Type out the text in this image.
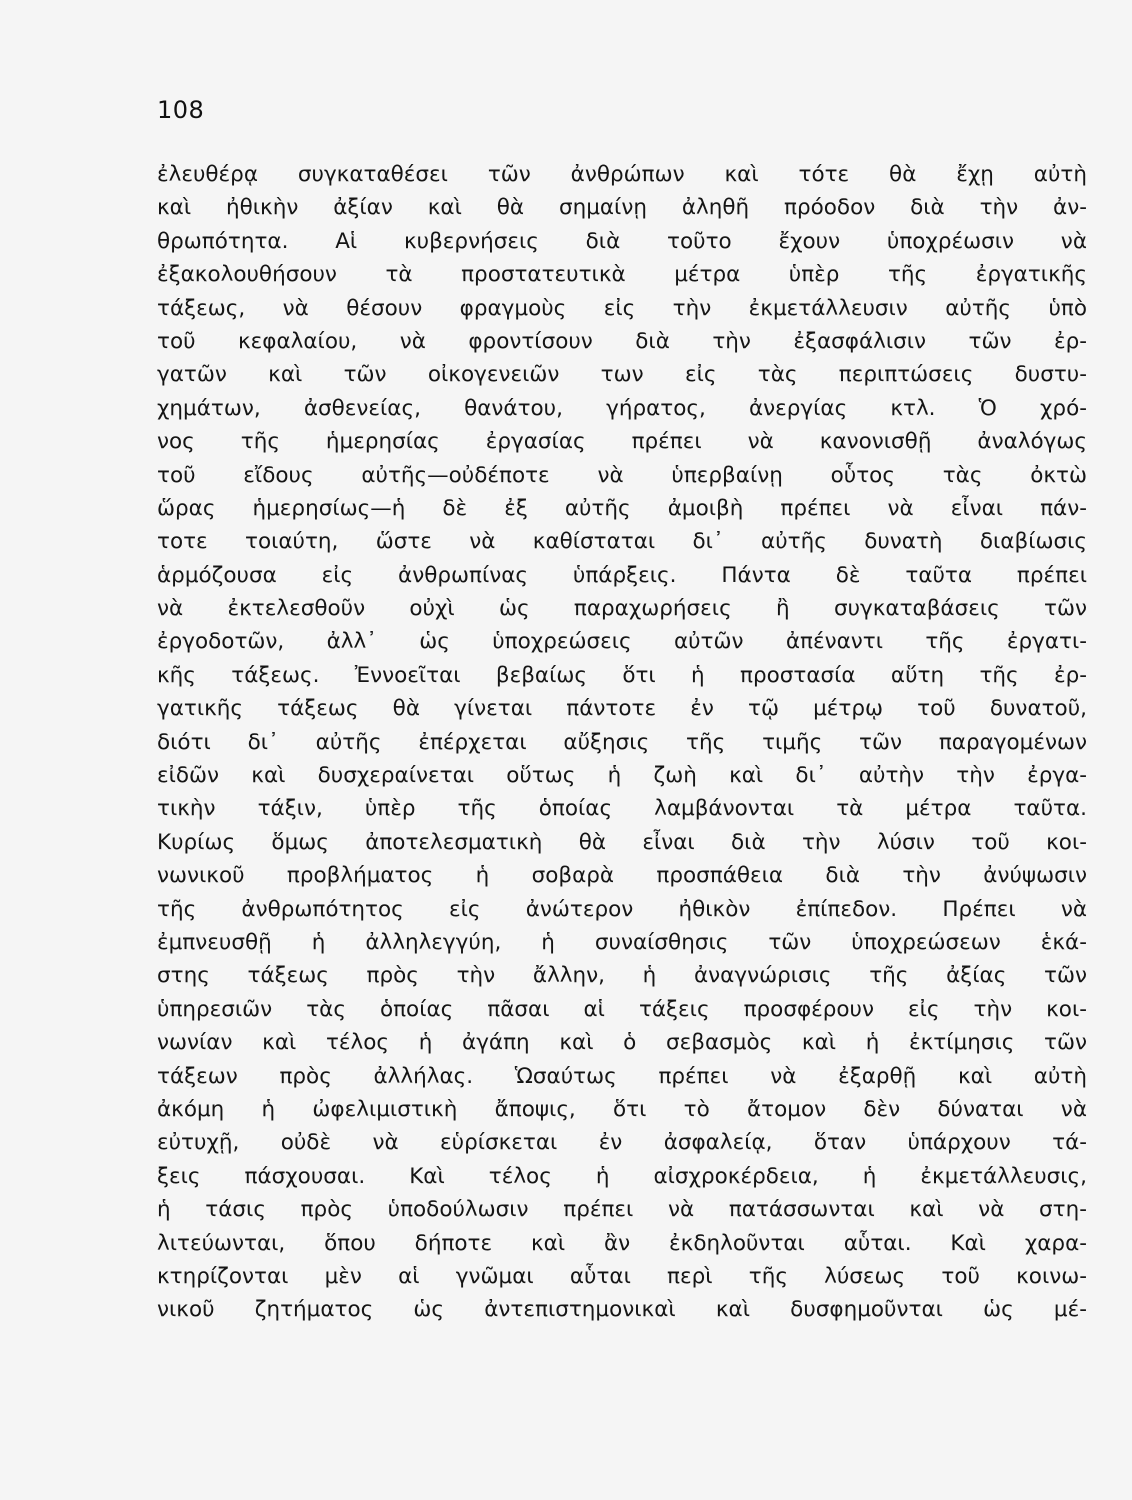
108
ἐλευθέρᾳ συγκαταθέσει τῶν ἀνθρώπων καὶ τότε θὰ ἔχῃ αὐτὴ
καὶ ἠθικὴν ἀξίαν καὶ θὰ σημαίνῃ ἀληθῆ πρόοδον διὰ τὴν ἀν-
θρωπότητα. Αἱ κυβερνήσεις διὰ τοῦτο ἔχουν ὑποχρέωσιν νὰ
ἐξακολουθήσουν τὰ προστατευτικὰ μέτρα ὑπὲρ τῆς ἐργατικῆς
τάξεως, νὰ θέσουν φραγμοὺς εἰς τὴν ἐκμετάλλευσιν αὐτῆς ὑπὸ
τοῦ κεφαλαίου, νὰ φροντίσουν διὰ τὴν ἐξασφάλισιν τῶν ἐρ-
γατῶν καὶ τῶν οἰκογενειῶν των εἰς τὰς περιπτώσεις δυστυ-
χημάτων, ἀσθενείας, θανάτου, γήρατος, ἀνεργίας κτλ. Ὁ χρό-
νος τῆς ἡμερησίας ἐργασίας πρέπει νὰ κανονισθῇ ἀναλόγως
τοῦ εἴδους αὐτῆς—οὐδέποτε νὰ ὑπερβαίνῃ οὗτος τὰς ὀκτὼ
ὥρας ἡμερησίως—ἡ δὲ ἐξ αὐτῆς ἀμοιβὴ πρέπει νὰ εἶναι πάν-
τοτε τοιαύτη, ὥστε νὰ καθίσταται δι᾽ αὐτῆς δυνατὴ διαβίωσις
ἁρμόζουσα εἰς ἀνθρωπίνας ὑπάρξεις. Πάντα δὲ ταῦτα πρέπει
νὰ ἐκτελεσθοῦν οὐχὶ ὡς παραχωρήσεις ἢ συγκαταβάσεις τῶν
ἐργοδοτῶν, ἀλλ᾽ ὡς ὑποχρεώσεις αὐτῶν ἀπέναντι τῆς ἐργατι-
κῆς τάξεως. Ἐννοεῖται βεβαίως ὅτι ἡ προστασία αὕτη τῆς ἐρ-
γατικῆς τάξεως θὰ γίνεται πάντοτε ἐν τῷ μέτρῳ τοῦ δυνατοῦ,
διότι δι᾽ αὐτῆς ἐπέρχεται αὔξησις τῆς τιμῆς τῶν παραγομένων
εἰδῶν καὶ δυσχεραίνεται οὕτως ἡ ζωὴ καὶ δι᾽ αὐτὴν τὴν ἐργα-
τικὴν τάξιν, ὑπὲρ τῆς ὁποίας λαμβάνονται τὰ μέτρα ταῦτα.
Κυρίως ὅμως ἀποτελεσματικὴ θὰ εἶναι διὰ τὴν λύσιν τοῦ κοι-
νωνικοῦ προβλήματος ἡ σοβαρὰ προσπάθεια διὰ τὴν ἀνύψωσιν
τῆς ἀνθρωπότητος εἰς ἀνώτερον ἠθικὸν ἐπίπεδον. Πρέπει νὰ
ἐμπνευσθῇ ἡ ἀλληλεγγύη, ἡ συναίσθησις τῶν ὑποχρεώσεων ἑκά-
στης τάξεως πρὸς τὴν ἄλλην, ἡ ἀναγνώρισις τῆς ἀξίας τῶν
ὑπηρεσιῶν τὰς ὁποίας πᾶσαι αἱ τάξεις προσφέρουν εἰς τὴν κοι-
νωνίαν καὶ τέλος ἡ ἀγάπη καὶ ὁ σεβασμὸς καὶ ἡ ἐκτίμησις τῶν
τάξεων πρὸς ἀλλήλας. Ὡσαύτως πρέπει νὰ ἐξαρθῇ καὶ αὐτὴ
ἀκόμη ἡ ὠφελιμιστικὴ ἄποψις, ὅτι τὸ ἄτομον δὲν δύναται νὰ
εὐτυχῇ, οὐδὲ νὰ εὑρίσκεται ἐν ἀσφαλείᾳ, ὅταν ὑπάρχουν τά-
ξεις πάσχουσαι. Καὶ τέλος ἡ αἰσχροκέρδεια, ἡ ἐκμετάλλευσις,
ἡ τάσις πρὸς ὑποδούλωσιν πρέπει νὰ πατάσσωνται καὶ νὰ στη-
λιτεύωνται, ὅπου δήποτε καὶ ἂν ἐκδηλοῦνται αὗται. Καὶ χαρα-
κτηρίζονται μὲν αἱ γνῶμαι αὗται περὶ τῆς λύσεως τοῦ κοινω-
νικοῦ ζητήματος ὡς ἀντεπιστημονικαὶ καὶ δυσφημοῦνται ὡς μέ-
